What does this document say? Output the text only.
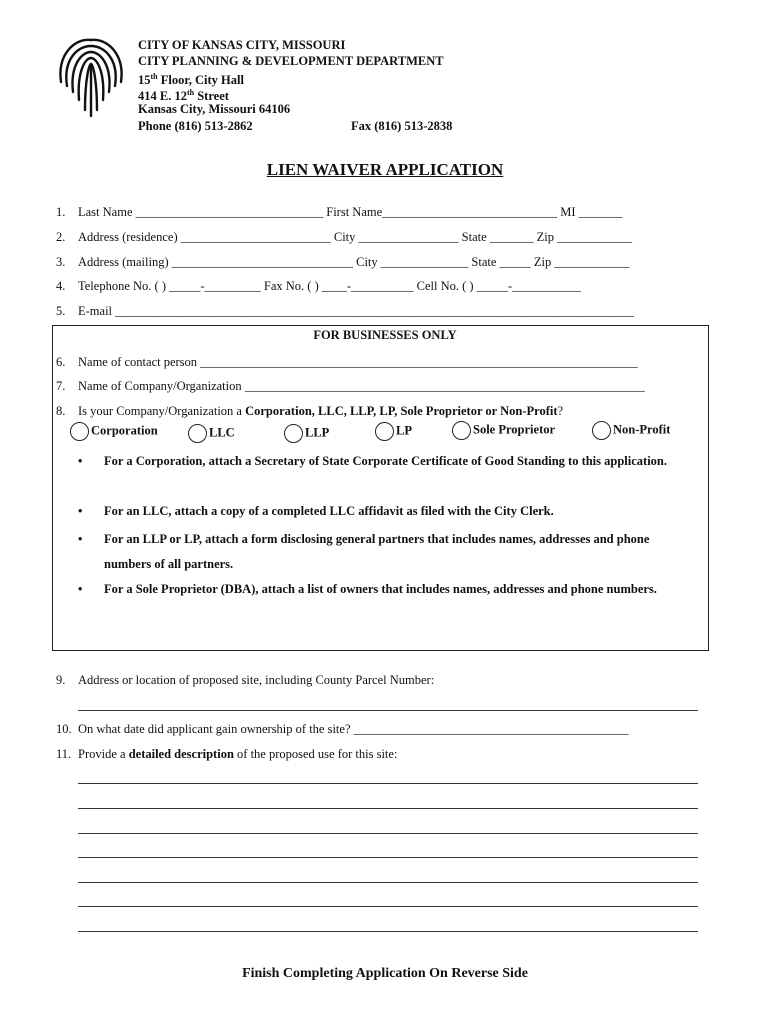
CITY OF KANSAS CITY, MISSOURI
CITY PLANNING & DEVELOPMENT DEPARTMENT
15th Floor, City Hall
414 E. 12th Street
Kansas City, Missouri 64106
Phone (816) 513-2862	Fax (816) 513-2838
LIEN WAIVER APPLICATION
1. Last Name ______________________________ First Name____________________________ MI _______
2. Address (residence) ________________________ City ________________ State _______ Zip ____________
3. Address (mailing) _____________________________ City ______________ State _____ Zip ____________
4. Telephone No. ( ) _____-_________ Fax No. ( ) ____-__________ Cell No. ( ) _____-___________
5. E-mail ___________________________________________________________________________________
FOR BUSINESSES ONLY
6. Name of contact person ______________________________________________________________________
7. Name of Company/Organization ________________________________________________________________
8. Is your Company/Organization a Corporation, LLC, LLP, LP, Sole Proprietor or Non-Profit?
Corporation	LLC	LLP	LP	Sole Proprietor	Non-Profit
• For a Corporation, attach a Secretary of State Corporate Certificate of Good Standing to this application.
• For an LLC, attach a copy of a completed LLC affidavit as filed with the City Clerk.
• For an LLP or LP, attach a form disclosing general partners that includes names, addresses and phone numbers of all partners.
• For a Sole Proprietor (DBA), attach a list of owners that includes names, addresses and phone numbers.
9. Address or location of proposed site, including County Parcel Number:
10. On what date did applicant gain ownership of the site? ____________________________________________
11. Provide a detailed description of the proposed use for this site:
Finish Completing Application On Reverse Side
